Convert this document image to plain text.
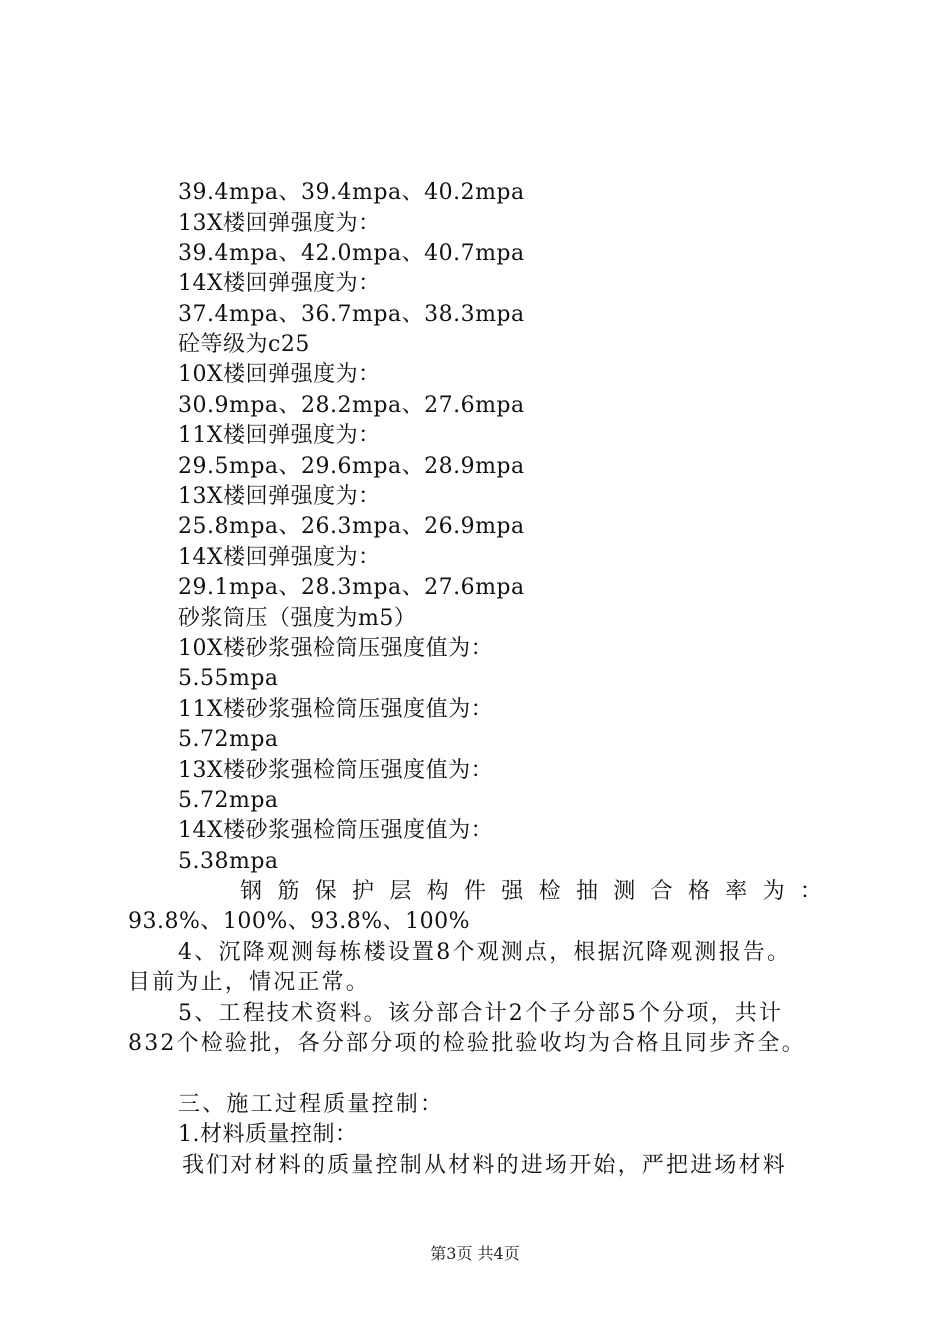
39.4mpa、39.4mpa、40.2mpa
13X楼回弹强度为：
39.4mpa、42.0mpa、40.7mpa
14X楼回弹强度为：
37.4mpa、36.7mpa、38.3mpa
砼等级为c25
10X楼回弹强度为：
30.9mpa、28.2mpa、27.6mpa
11X楼回弹强度为：
29.5mpa、29.6mpa、28.9mpa
13X楼回弹强度为：
25.8mpa、26.3mpa、26.9mpa
14X楼回弹强度为：
29.1mpa、28.3mpa、27.6mpa
砂浆筒压（强度为m5）
10X楼砂浆强检筒压强度值为：
5.55mpa
11X楼砂浆强检筒压强度值为：
5.72mpa
13X楼砂浆强检筒压强度值为：
5.72mpa
14X楼砂浆强检筒压强度值为：
5.38mpa
钢 筋 保 护 层 构 件 强 检 抽 测 合 格 率 为 ：
93.8%、100%、93.8%、100%
4、沉降观测每栋楼设置8个观测点，根据沉降观测报告。
目前为止，情况正常。
5、工程技术资料。该分部合计2个子分部5个分项，共计
832个检验批，各分部分项的检验批验收均为合格且同步齐全。
三、施工过程质量控制：
1.材料质量控制：
我们对材料的质量控制从材料的进场开始，严把进场材料
第3页 共4页
